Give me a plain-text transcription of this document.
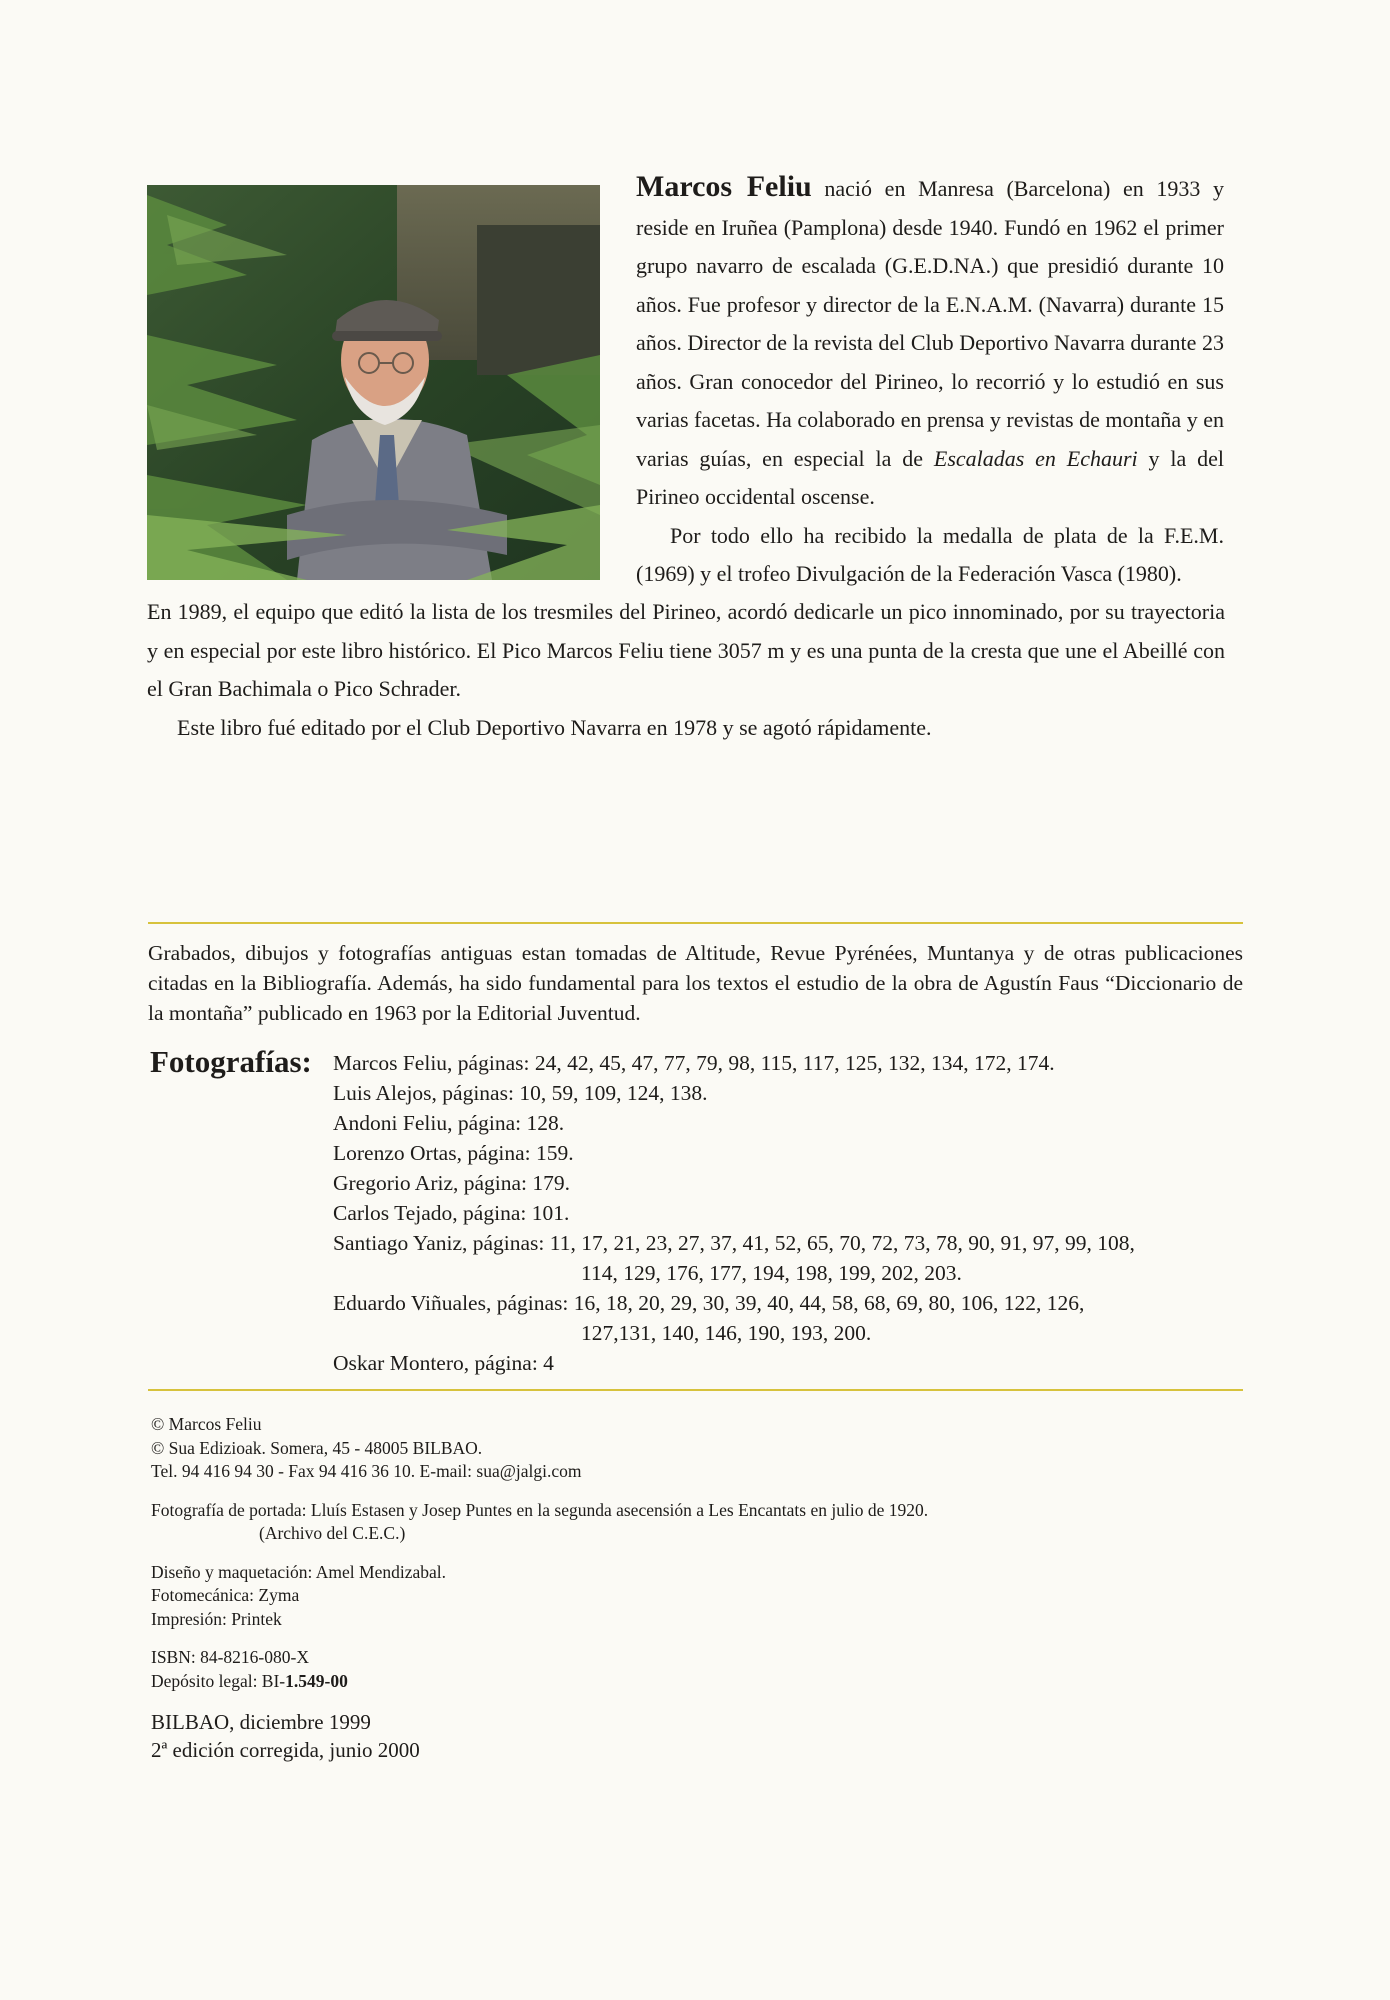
Marcos Feliu nació en Manresa (Barcelona) en 1933 y reside en Iruñea (Pamplona) desde 1940. Fundó en 1962 el primer grupo navarro de escalada (G.E.D.NA.) que presidió durante 10 años. Fue profesor y director de la E.N.A.M. (Navarra) durante 15 años. Director de la revista del Club Deportivo Navarra durante 23 años. Gran conocedor del Pirineo, lo recorrió y lo estudió en sus varias facetas. Ha colaborado en prensa y revistas de montaña y en varias guías, en especial la de Escaladas en Echauri y la del Pirineo occidental oscense.

Por todo ello ha recibido la medalla de plata de la F.E.M. (1969) y el trofeo Divulgación de la Federación Vasca (1980).

En 1989, el equipo que editó la lista de los tresmiles del Pirineo, acordó dedicarle un pico innominado, por su trayectoria y en especial por este libro histórico. El Pico Marcos Feliu tiene 3057 m y es una punta de la cresta que une el Abeillé con el Gran Bachimala o Pico Schrader.

Este libro fué editado por el Club Deportivo Navarra en 1978 y se agotó rápidamente.

Grabados, dibujos y fotografías antiguas estan tomadas de Altitude, Revue Pyrénées, Muntanya y de otras publicaciones citadas en la Bibliografía. Además, ha sido fundamental para los textos el estudio de la obra de Agustín Faus “Diccionario de la montaña” publicado en 1963 por la Editorial Juventud.
Fotografías: Marcos Feliu, páginas: 24, 42, 45, 47, 77, 79, 98, 115, 117, 125, 132, 134, 172, 174.
Luis Alejos, páginas: 10, 59, 109, 124, 138.
Andoni Feliu, página: 128.
Lorenzo Ortas, página: 159.
Gregorio Ariz, página: 179.
Carlos Tejado, página: 101.
Santiago Yaniz, páginas: 11, 17, 21, 23, 27, 37, 41, 52, 65, 70, 72, 73, 78, 90, 91, 97, 99, 108,
114, 129, 176, 177, 194, 198, 199, 202, 203.
Eduardo Viñuales, páginas: 16, 18, 20, 29, 30, 39, 40, 44, 58, 68, 69, 80, 106, 122, 126,
127,131, 140, 146, 190, 193, 200.
Oskar Montero, página: 4
© Marcos Feliu
© Sua Edizioak. Somera, 45 - 48005 BILBAO.
Tel. 94 416 94 30 - Fax 94 416 36 10. E-mail: sua@jalgi.com
Fotografía de portada: Lluís Estasen y Josep Puntes en la segunda asecensión a Les Encantats en julio de 1920.
(Archivo del C.E.C.)
Diseño y maquetación: Amel Mendizabal.
Fotomecánica: Zyma
Impresión: Printek
ISBN: 84-8216-080-X
Depósito legal: BI-1.549-00
BILBAO, diciembre 1999
2ª edición corregida, junio 2000
